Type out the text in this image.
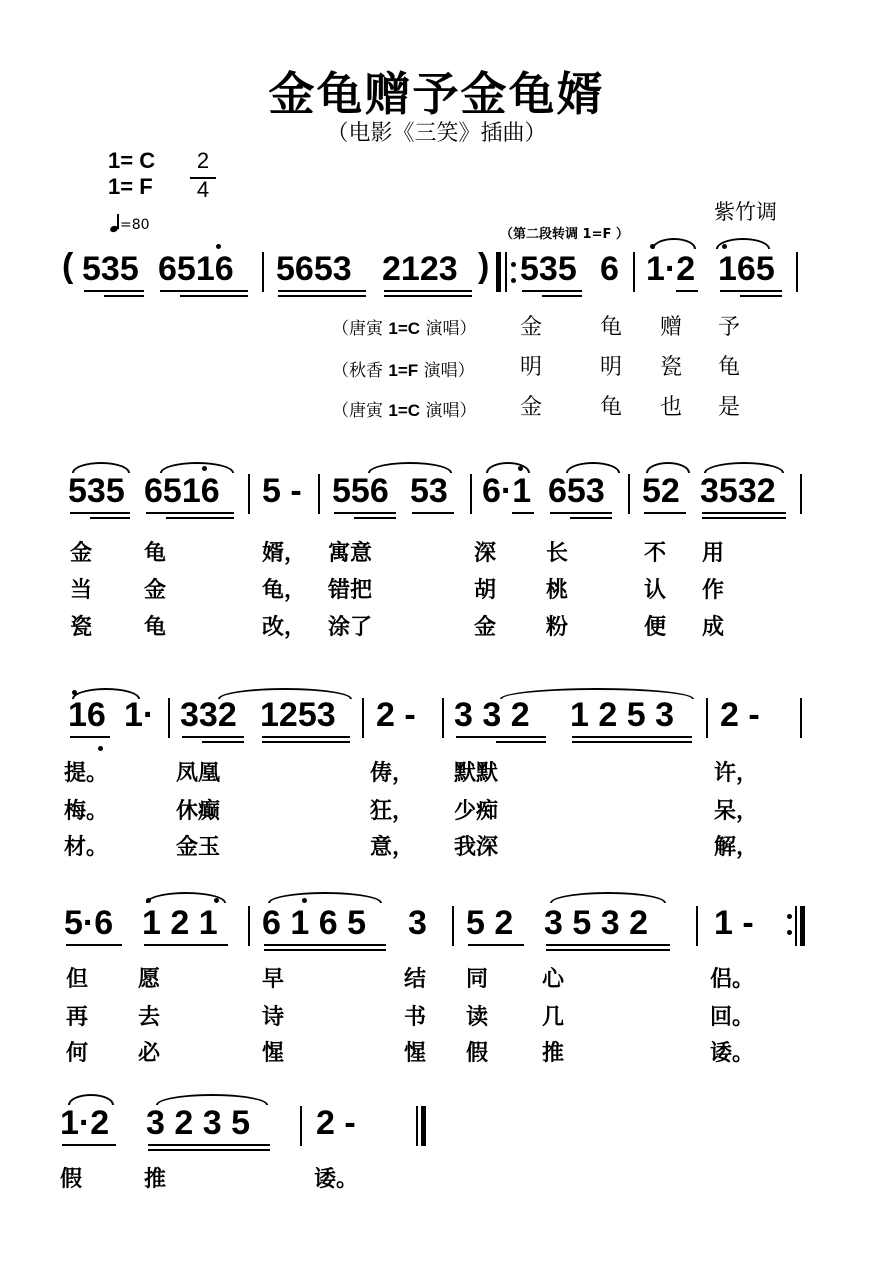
金龟赠予金龟婿
（电影《三笑》插曲）
1= C
1= F
2
4
=80
紫竹调
（第二段转调 1=F ）
( 535 6516 5653 2123 ) 535 6 1·2 165
（唐寅 1=C 演唱）
（秋香 1=F 演唱）
（唐寅 1=C 演唱）
金	龟 赠 予
明	明 瓷 龟
金	龟 也 是
535 6516 5 - 556 53 6·1 653 52 3532
金 龟	婿， 寓意	深 长	不 用
当 金	龟， 错把	胡 桃	认 作
瓷 龟	改， 涂了	金 粉	便 成
16 1· 332 1253 2 - 3 3 2 1 2 5 3 2 -
提。	凤凰	俦， 默默	许，
梅。	休癫	狂， 少痴	呆，
材。	金玉	意， 我深	解，
5·6 1 2 1 6 1 6 5 3 5 2 3 5 3 2 1 -
但 愿	早	结 同 心	侣。
再 去	诗	书 读 几	回。
何 必	惺	惺 假 推	诿。
1·2 3 2 3 5 2 -
假	推	诿。
